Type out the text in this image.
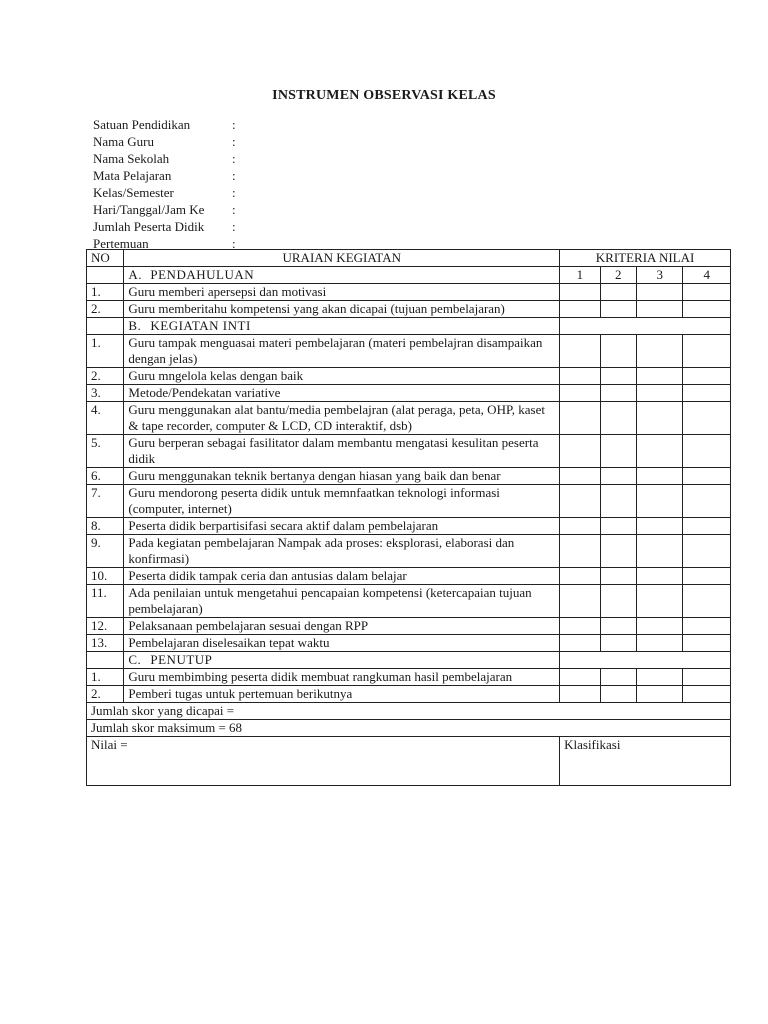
INSTRUMEN OBSERVASI KELAS
Satuan Pendidikan	:
Nama Guru	:
Nama Sekolah	:
Mata Pelajaran	:
Kelas/Semester	:
Hari/Tanggal/Jam Ke	:
Jumlah Peserta Didik	:
Pertemuan	:
NO	URAIAN KEGIATAN	KRITERIA NILAI			
	A. PENDAHULUAN	1	2	3	4
1.	Guru memberi apersepsi dan motivasi				
2.	Guru memberitahu kompetensi yang akan dicapai (tujuan pembelajaran)				
	B. KEGIATAN INTI				
1.	Guru tampak menguasai materi pembelajaran (materi pembelajran disampaikan dengan jelas)				
2.	Guru mngelola kelas dengan baik				
3.	Metode/Pendekatan variative				
4.	Guru menggunakan alat bantu/media pembelajran (alat peraga, peta, OHP, kaset & tape recorder, computer & LCD, CD interaktif, dsb)				
5.	Guru berperan sebagai fasilitator dalam membantu mengatasi kesulitan peserta didik				
6.	Guru menggunakan teknik bertanya dengan hiasan yang baik dan benar				
7.	Guru mendorong peserta didik untuk memnfaatkan teknologi informasi (computer, internet)				
8.	Peserta didik berpartisifasi secara aktif dalam pembelajaran				
9.	Pada kegiatan pembelajaran Nampak ada proses: eksplorasi, elaborasi dan konfirmasi)				
10.	Peserta didik tampak ceria dan antusias dalam belajar				
11.	Ada penilaian untuk mengetahui pencapaian kompetensi (ketercapaian tujuan pembelajaran)				
12.	Pelaksanaan pembelajaran sesuai dengan RPP				
13.	Pembelajaran diselesaikan tepat waktu				
	C. PENUTUP				
1.	Guru membimbing peserta didik membuat rangkuman hasil pembelajaran				
2.	Pemberi tugas untuk pertemuan berikutnya				
Jumlah skor yang dicapai =					
Jumlah skor maksimum = 68					
Nilai =		Klasifikasi			
